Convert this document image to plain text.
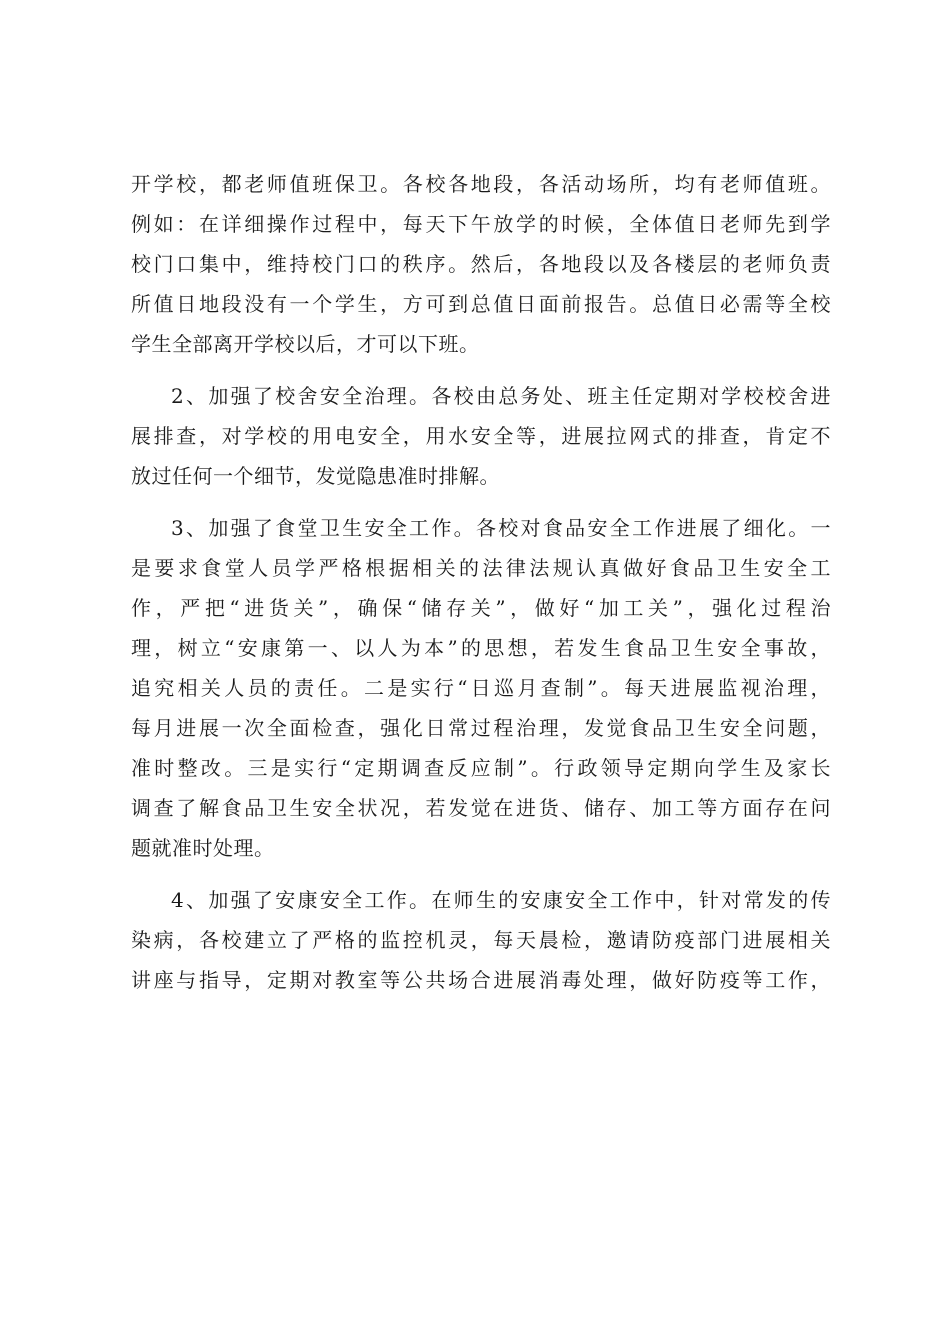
开学校，都老师值班保卫。各校各地段，各活动场所，均有老师值班。
例如：在详细操作过程中，每天下午放学的时候，全体值日老师先到学
校门口集中，维持校门口的秩序。然后，各地段以及各楼层的老师负责
所值日地段没有一个学生，方可到总值日面前报告。总值日必需等全校
学生全部离开学校以后，才可以下班。
2、加强了校舍安全治理。各校由总务处、班主任定期对学校校舍进
展排查，对学校的用电安全，用水安全等，进展拉网式的排查，肯定不
放过任何一个细节，发觉隐患准时排解。
3、加强了食堂卫生安全工作。各校对食品安全工作进展了细化。一
是要求食堂人员学严格根据相关的法律法规认真做好食品卫生安全工
作，严把“进货关”，确保“储存关”，做好“加工关”，强化过程治
理，树立“安康第一、以人为本”的思想，若发生食品卫生安全事故，
追究相关人员的责任。二是实行“日巡月查制”。每天进展监视治理，
每月进展一次全面检查，强化日常过程治理，发觉食品卫生安全问题，
准时整改。三是实行“定期调查反应制”。行政领导定期向学生及家长
调查了解食品卫生安全状况，若发觉在进货、储存、加工等方面存在问
题就准时处理。
4、加强了安康安全工作。在师生的安康安全工作中，针对常发的传
染病，各校建立了严格的监控机灵，每天晨检，邀请防疫部门进展相关
讲座与指导，定期对教室等公共场合进展消毒处理，做好防疫等工作，
